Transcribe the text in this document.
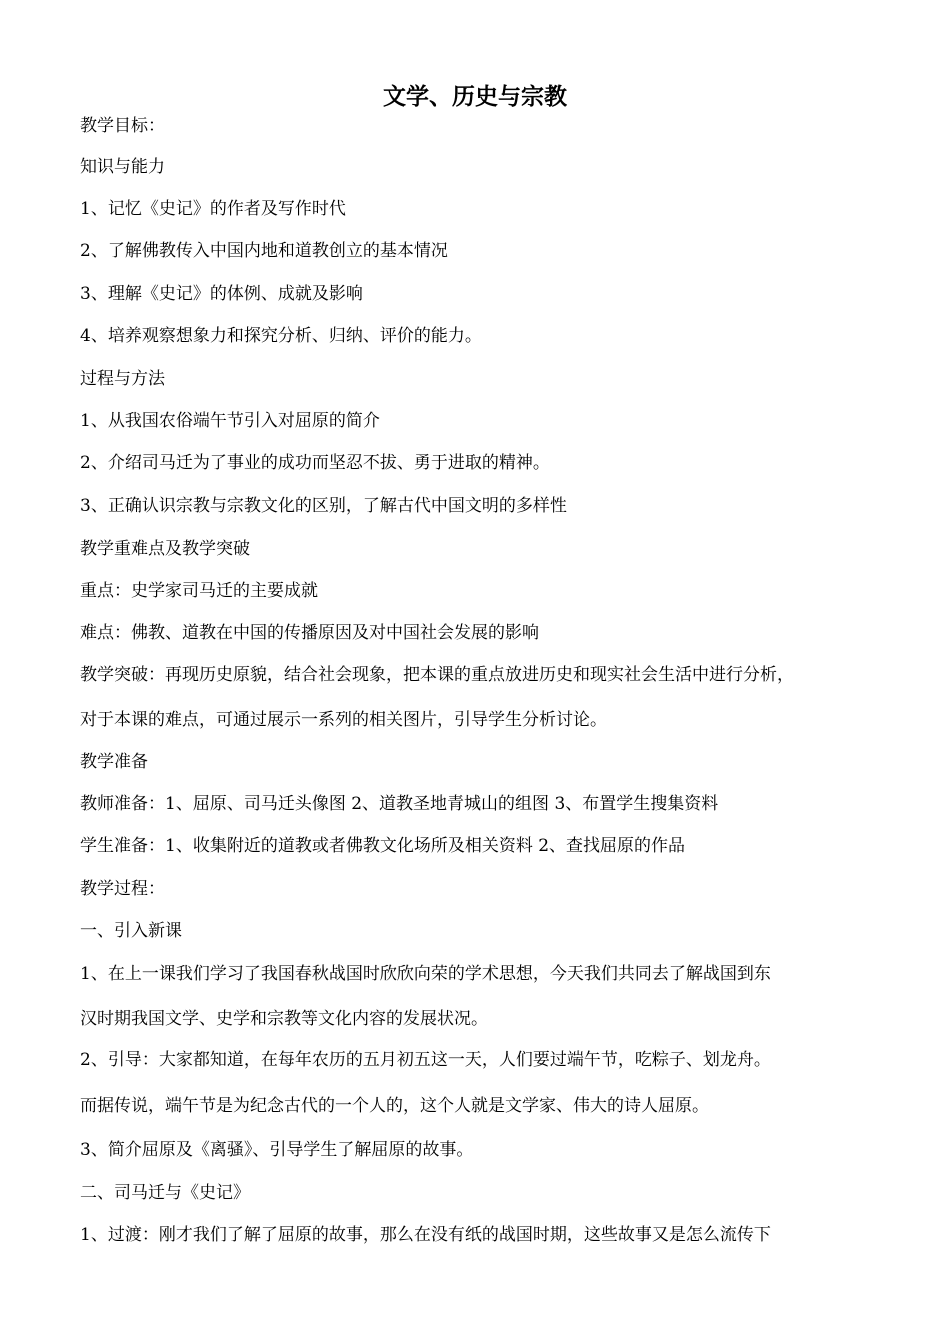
文学、历史与宗教
教学目标：
知识与能力
1、记忆《史记》的作者及写作时代
2、了解佛教传入中国内地和道教创立的基本情况
3、理解《史记》的体例、成就及影响
4、培养观察想象力和探究分析、归纳、评价的能力。
过程与方法
1、从我国农俗端午节引入对屈原的简介
2、介绍司马迁为了事业的成功而坚忍不拔、勇于进取的精神。
3、正确认识宗教与宗教文化的区别，了解古代中国文明的多样性
教学重难点及教学突破
重点：史学家司马迁的主要成就
难点：佛教、道教在中国的传播原因及对中国社会发展的影响
教学突破：再现历史原貌，结合社会现象，把本课的重点放进历史和现实社会生活中进行分析，
对于本课的难点，可通过展示一系列的相关图片，引导学生分析讨论。
教学准备
教师准备：1、屈原、司马迁头像图 2、道教圣地青城山的组图 3、布置学生搜集资料
学生准备：1、收集附近的道教或者佛教文化场所及相关资料 2、查找屈原的作品
教学过程：
一、引入新课
1、在上一课我们学习了我国春秋战国时欣欣向荣的学术思想，今天我们共同去了解战国到东
汉时期我国文学、史学和宗教等文化内容的发展状况。
2、引导：大家都知道，在每年农历的五月初五这一天，人们要过端午节，吃粽子、划龙舟。
而据传说，端午节是为纪念古代的一个人的，这个人就是文学家、伟大的诗人屈原。
3、简介屈原及《离骚》、引导学生了解屈原的故事。
二、司马迁与《史记》
1、过渡：刚才我们了解了屈原的故事，那么在没有纸的战国时期，这些故事又是怎么流传下
